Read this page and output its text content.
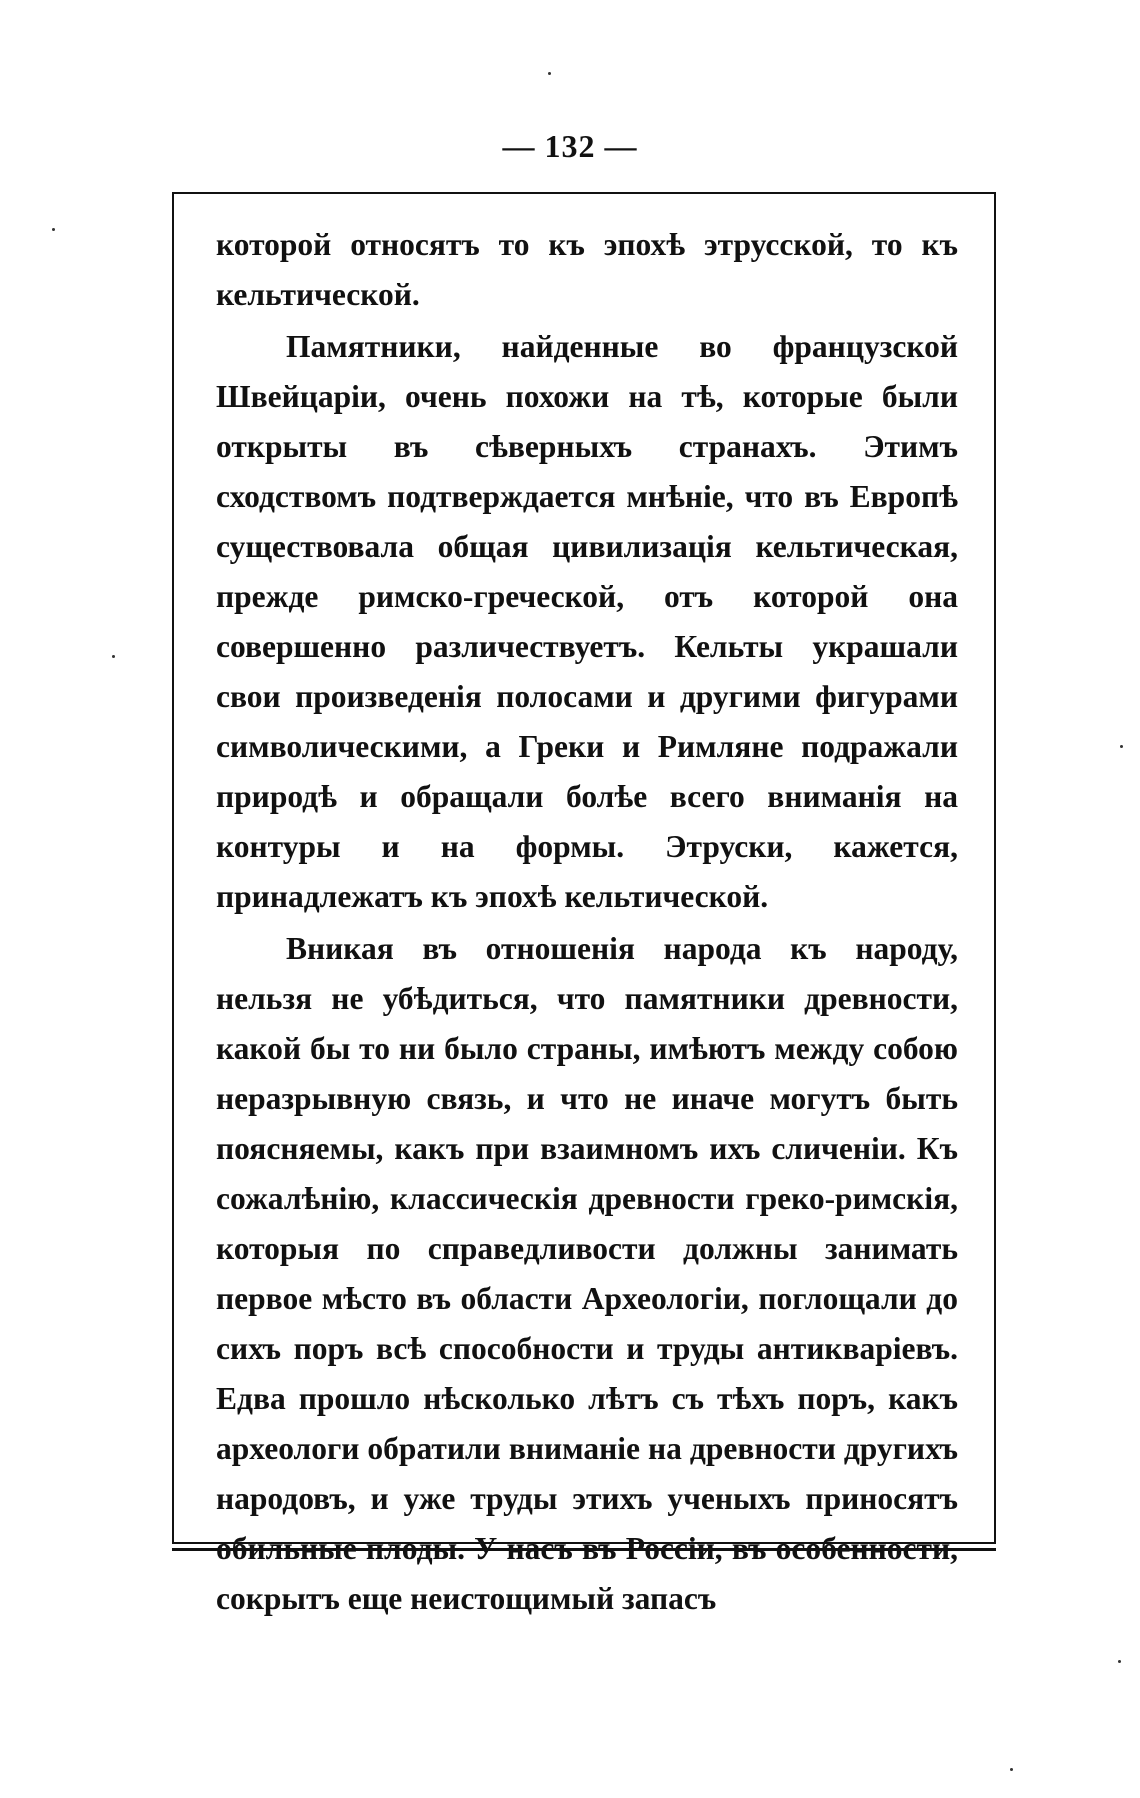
— 132 —

которой относятъ то къ эпохѣ этрусской, то къ кельтической.

Памятники, найденные во французской Швейцаріи, очень похожи на тѣ, которые были открыты въ сѣверныхъ странахъ. Этимъ сходствомъ подтверждается мнѣніе, что въ Европѣ существовала общая цивилизація кельтическая, прежде римско-греческой, отъ которой она совершенно различествуетъ. Кельты украшали свои произведенія полосами и другими фигурами символическими, а Греки и Римляне подражали природѣ и обращали болѣе всего вниманія на контуры и на формы. Этруски, кажется, принадлежатъ къ эпохѣ кельтической.

Вникая въ отношенія народа къ народу, нельзя не убѣдиться, что памятники древности, какой бы то ни было страны, имѣютъ между собою неразрывную связь, и что не иначе могутъ быть поясняемы, какъ при взаимномъ ихъ сличеніи. Къ сожалѣнію, классическія древности греко-римскія, которыя по справедливости должны занимать первое мѣсто въ области Археологіи, поглощали до сихъ поръ всѣ способности и труды антикваріевъ. Едва прошло нѣсколько лѣтъ съ тѣхъ поръ, какъ археологи обратили вниманіе на древности другихъ народовъ, и уже труды этихъ ученыхъ приносятъ обильные плоды. У насъ въ Россіи, въ особенности, сокрытъ еще неистощимый запасъ
